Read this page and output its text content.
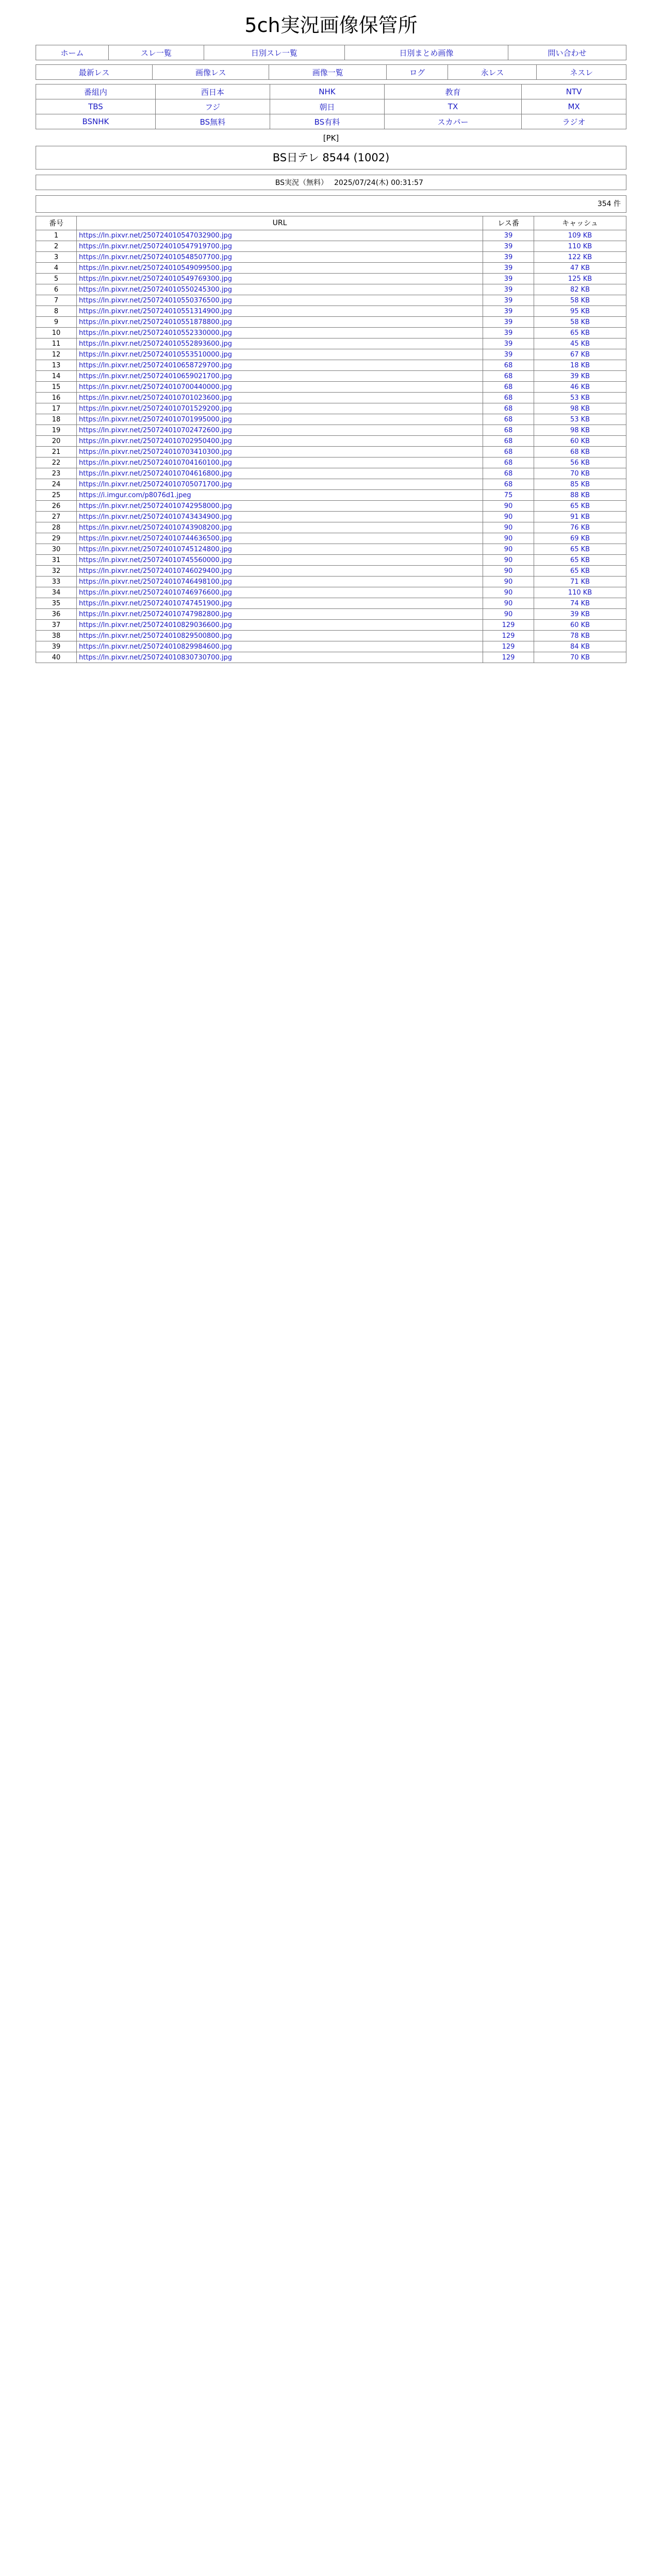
5ch実況画像保管所
ホーム	スレ一覧	日別スレ一覧	日別まとめ画像	問い合わせ
最新レス	画像レス	画像一覧	ログ	永レス	ネスレ
番組内	西日本	NHK	教育	NTV
TBS	フジ	朝日	TX	MX
BSNHK	BS無料	BS有料	スカパー	ラジオ
[PK]
BS日テレ 8544 (1002)
BS実況（無料）	2025/07/24(木) 00:31:57
354 件
番号	URL	レス番	キャッシュ
1	https://ln.pixvr.net/250724010547032900.jpg	39	109 KB
2	https://ln.pixvr.net/250724010547919700.jpg	39	110 KB
3	https://ln.pixvr.net/250724010548507700.jpg	39	122 KB
4	https://ln.pixvr.net/250724010549099500.jpg	39	47 KB
5	https://ln.pixvr.net/250724010549769300.jpg	39	125 KB
6	https://ln.pixvr.net/250724010550245300.jpg	39	82 KB
7	https://ln.pixvr.net/250724010550376500.jpg	39	58 KB
8	https://ln.pixvr.net/250724010551314900.jpg	39	95 KB
9	https://ln.pixvr.net/250724010551878800.jpg	39	58 KB
10	https://ln.pixvr.net/250724010552330000.jpg	39	65 KB
11	https://ln.pixvr.net/250724010552893600.jpg	39	45 KB
12	https://ln.pixvr.net/250724010553510000.jpg	39	67 KB
13	https://ln.pixvr.net/250724010658729700.jpg	68	18 KB
14	https://ln.pixvr.net/250724010659021700.jpg	68	39 KB
15	https://ln.pixvr.net/250724010700440000.jpg	68	46 KB
16	https://ln.pixvr.net/250724010701023600.jpg	68	53 KB
17	https://ln.pixvr.net/250724010701529200.jpg	68	98 KB
18	https://ln.pixvr.net/250724010701995000.jpg	68	53 KB
19	https://ln.pixvr.net/250724010702472600.jpg	68	98 KB
20	https://ln.pixvr.net/250724010702950400.jpg	68	60 KB
21	https://ln.pixvr.net/250724010703410300.jpg	68	68 KB
22	https://ln.pixvr.net/250724010704160100.jpg	68	56 KB
23	https://ln.pixvr.net/250724010704616800.jpg	68	70 KB
24	https://ln.pixvr.net/250724010705071700.jpg	68	85 KB
25	https://i.imgur.com/p8076d1.jpeg	75	88 KB
26	https://ln.pixvr.net/250724010742958000.jpg	90	65 KB
27	https://ln.pixvr.net/250724010743434900.jpg	90	91 KB
28	https://ln.pixvr.net/250724010743908200.jpg	90	76 KB
29	https://ln.pixvr.net/250724010744636500.jpg	90	69 KB
30	https://ln.pixvr.net/250724010745124800.jpg	90	65 KB
31	https://ln.pixvr.net/250724010745560000.jpg	90	65 KB
32	https://ln.pixvr.net/250724010746029400.jpg	90	65 KB
33	https://ln.pixvr.net/250724010746498100.jpg	90	71 KB
34	https://ln.pixvr.net/250724010746976600.jpg	90	110 KB
35	https://ln.pixvr.net/250724010747451900.jpg	90	74 KB
36	https://ln.pixvr.net/250724010747982800.jpg	90	39 KB
37	https://ln.pixvr.net/250724010829036600.jpg	129	60 KB
38	https://ln.pixvr.net/250724010829500800.jpg	129	78 KB
39	https://ln.pixvr.net/250724010829984600.jpg	129	84 KB
40	https://ln.pixvr.net/250724010830730700.jpg	129	70 KB
